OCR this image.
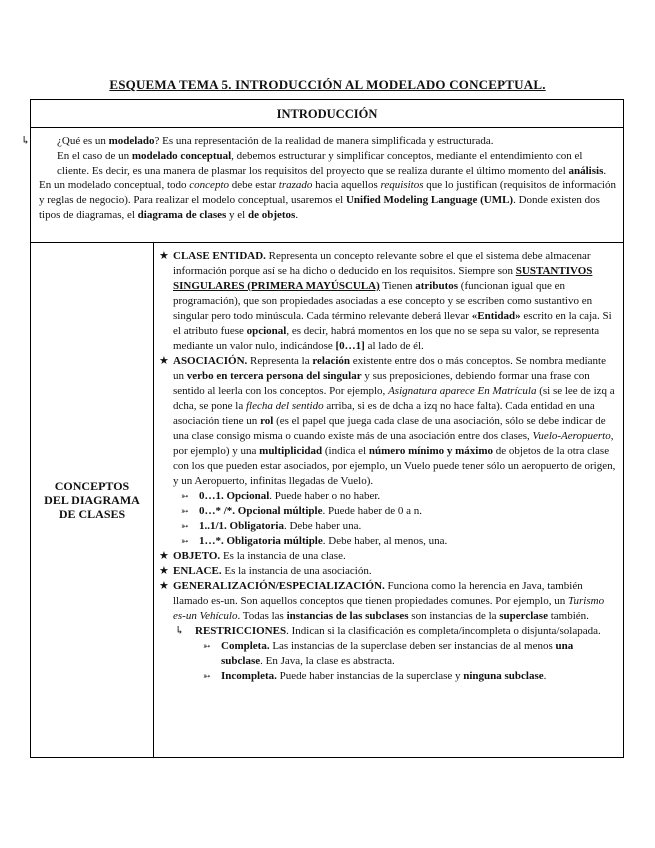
ESQUEMA TEMA 5. INTRODUCCIÓN AL MODELADO CONCEPTUAL.
INTRODUCCIÓN

↳ ¿Qué es un modelado? Es una representación de la realidad de manera simplificada y estructurada.

En el caso de un modelado conceptual, debemos estructurar y simplificar conceptos, mediante el entendimiento con el cliente. Es decir, es una manera de plasmar los requisitos del proyecto que se realiza durante el último momento del análisis.

En un modelado conceptual, todo concepto debe estar trazado hacia aquellos requisitos que lo justifican (requisitos de información y reglas de negocio). Para realizar el modelo conceptual, usaremos el Unified Modeling Language (UML). Donde existen dos tipos de diagramas, el diagrama de clases y el de objetos.

CONCEPTOS DEL DIAGRAMA DE CLASES

★ CLASE ENTIDAD. Representa un concepto relevante sobre el que el sistema debe almacenar información porque así se ha dicho o deducido en los requisitos. Siempre son SUSTANTIVOS SINGULARES (PRIMERA MAYÚSCULA) Tienen atributos (funcionan igual que en programación), que son propiedades asociadas a ese concepto y se escriben como sustantivo en singular pero todo minúscula. Cada término relevante deberá llevar «Entidad» escrito en la caja. Si el atributo fuese opcional, es decir, habrá momentos en los que no se sepa su valor, se representa mediante un valor nulo, indicándose [0…1] al lado de él.

★ ASOCIACIÓN. Representa la relación existente entre dos o más conceptos. Se nombra mediante un verbo en tercera persona del singular y sus preposiciones, debiendo formar una frase con sentido al leerla con los conceptos. Por ejemplo, Asignatura aparece En Matrícula (si se lee de izq a dcha, se pone la flecha del sentido arriba, si es de dcha a izq no hace falta). Cada entidad en una asociación tiene un rol (es el papel que juega cada clase de una asociación, sólo se debe indicar de una clase consigo misma o cuando existe más de una asociación entre dos clases, Vuelo-Aeropuerto, por ejemplo) y una multiplicidad (indica el número mínimo y máximo de objetos de la otra clase con los que pueden estar asociados, por ejemplo, un Vuelo puede tener sólo un aeropuerto de origen, y un Aeropuerto, infinitas llegadas de Vuelo).

➳ 0…1. Opcional. Puede haber o no haber.

➳ 0…* /*. Opcional múltiple. Puede haber de 0 a n.

➳ 1..1/1. Obligatoria. Debe haber una.

➳ 1…*. Obligatoria múltiple. Debe haber, al menos, una.

★ OBJETO. Es la instancia de una clase.

★ ENLACE. Es la instancia de una asociación.

★ GENERALIZACIÓN/ESPECIALIZACIÓN. Funciona como la herencia en Java, también llamado es-un. Son aquellos conceptos que tienen propiedades comunes. Por ejemplo, un Turismo es-un Vehículo. Todas las instancias de las subclases son instancias de la superclase también.

↳ RESTRICCIONES. Indican si la clasificación es completa/incompleta o disjunta/solapada.

➳ Completa. Las instancias de la superclase deben ser instancias de al menos una subclase. En Java, la clase es abstracta.

➳ Incompleta. Puede haber instancias de la superclase y ninguna subclase.
